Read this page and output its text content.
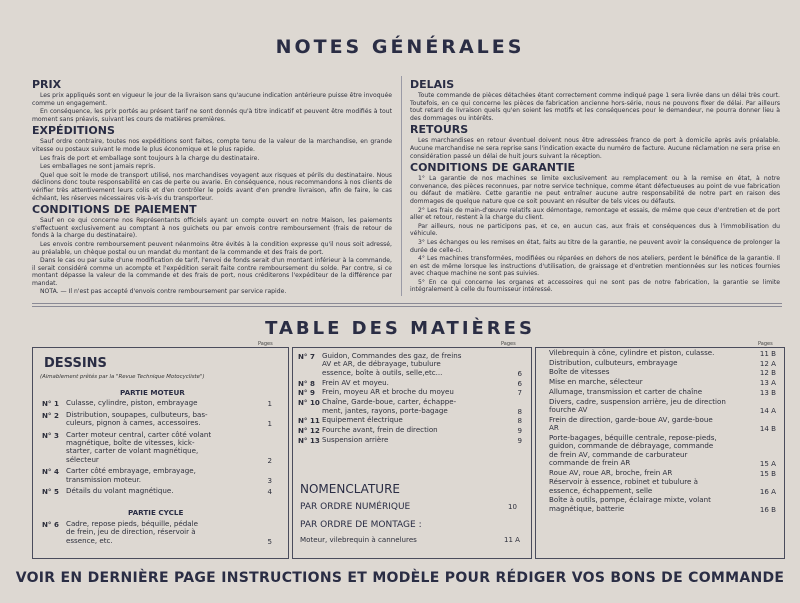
NOTES GÉNÉRALES
PRIX

Les prix appliqués sont en vigueur le jour de la livraison sans qu'aucune indication antérieure puisse être invoquée comme un engagement.

En conséquence, les prix portés au présent tarif ne sont donnés qu'à titre indicatif et peuvent être modifiés à tout moment sans préavis, suivant les cours de matières premières.

EXPÉDITIONS

Sauf ordre contraire, toutes nos expéditions sont faites, compte tenu de la valeur de la marchandise, en grande vitesse ou postaux suivant le mode le plus économique et le plus rapide.

Les frais de port et emballage sont toujours à la charge du destinataire.

Les emballages ne sont jamais repris.

Quel que soit le mode de transport utilisé, nos marchandises voyagent aux risques et périls du destinataire. Nous déclinons donc toute responsabilité en cas de perte ou avarie. En conséquence, nous recommandons à nos clients de vérifier très attentivement leurs colis et d'en contrôler le poids avant d'en prendre livraison, afin de faire, le cas échéant, les réserves nécessaires vis-à-vis du transporteur.

CONDITIONS DE PAIEMENT

Sauf en ce qui concerne nos Représentants officiels ayant un compte ouvert en notre Maison, les paiements s'effectuent exclusivement au comptant à nos guichets ou par envois contre remboursement (frais de retour de fonds à la charge du destinataire).

Les envois contre remboursement peuvent néanmoins être évités à la condition expresse qu'il nous soit adressé, au préalable, un chèque postal ou un mandat du montant de la commande et des frais de port.

Dans le cas ou par suite d'une modification de tarif, l'envoi de fonds serait d'un montant inférieur à la commande, il serait considéré comme un acompte et l'expédition serait faite contre remboursement du solde. Par contre, si ce montant dépasse la valeur de la commande et des frais de port, nous créditerons l'expéditeur de la différence par mandat.

NOTA. — Il n'est pas accepté d'envois contre remboursement par service rapide.

DELAIS

Toute commande de pièces détachées étant correctement comme indiqué page 1 sera livrée dans un délai très court. Toutefois, en ce qui concerne les pièces de fabrication ancienne hors-série, nous ne pouvons fixer de délai. Par ailleurs tout retard de livraison quels qu'en soient les motifs et les conséquences pour le demandeur, ne pourra donner lieu à des dommages ou intérêts.

RETOURS

Les marchandises en retour éventuel doivent nous être adressées franco de port à domicile après avis préalable. Aucune marchandise ne sera reprise sans l'indication exacte du numéro de facture. Aucune réclamation ne sera prise en considération passé un délai de huit jours suivant la réception.

CONDITIONS DE GARANTIE

1° La garantie de nos machines se limite exclusivement au remplacement ou à la remise en état, à notre convenance, des pièces reconnues, par notre service technique, comme étant défectueuses au point de vue fabrication ou défaut de matière. Cette garantie ne peut entraîner aucune autre responsabilité de notre part en raison des dommages de quelque nature que ce soit pouvant en résulter de tels vices ou défauts.

2° Les frais de main-d'œuvre relatifs aux démontage, remontage et essais, de même que ceux d'entretien et de port aller et retour, restent à la charge du client.

Par ailleurs, nous ne participons pas, et ce, en aucun cas, aux frais et conséquences dus à l'immobilisation du véhicule.

3° Les échanges ou les remises en état, faits au titre de la garantie, ne peuvent avoir la conséquence de prolonger la durée de celle-ci.

4° Les machines transformées, modifiées ou réparées en dehors de nos ateliers, perdent le bénéfice de la garantie. Il en est de même lorsque les instructions d'utilisation, de graissage et d'entretien mentionnées sur les notices fournies avec chaque machine ne sont pas suivies.

5° En ce qui concerne les organes et accessoires qui ne sont pas de notre fabrication, la garantie se limite intégralement à celle du fournisseur intéressé.

TABLE DES MATIÈRES
Pages	Pages	Pages
DESSINS
(Aimablement prêtés par la "Revue Technique Motocycliste")
PARTIE MOTEUR
PARTIE CYCLE
NOMENCLATURE
PAR ORDRE NUMÉRIQUE	10
PAR ORDRE DE MONTAGE :
Moteur, vilebrequin à cannelures	11 A
VOIR EN DERNIÈRE PAGE INSTRUCTIONS ET MODÈLE POUR RÉDIGER VOS BONS DE COMMANDE
N° 1 Culasse, cylindre, piston, embrayage	1
N° 2 Distribution, soupapes, culbuteurs, bas-
culeurs, pignon à cames, accessoires.	1
N° 3 Carter moteur central, carter côté volant
magnétique, boîte de vitesses, kick-
starter, carter de volant magnétique,
sélecteur	2
N° 4 Carter côté embrayage, embrayage,
transmission moteur.	3
N° 5 Détails du volant magnétique.	4
N° 6 Cadre, repose pieds, béquille, pédale
de frein, jeu de direction, réservoir à
essence, etc.	5
N° 7 Guidon, Commandes des gaz, de freins
AV et AR, de débrayage, tubulure
essence, boîte à outils, selle,etc...	6
N° 8 Frein AV et moyeu.	6
N° 9 Frein, moyeu AR et broche du moyeu	7
N° 10 Chaîne, Garde-boue, carter, échappe-
ment, jantes, rayons, porte-bagage	8
N° 11 Equipement électrique	8
N° 12 Fourche avant, frein de direction	9
N° 13 Suspension arrière	9
Vilebrequin à cône, cylindre et piston, culasse.	11 B
Distribution, culbuteurs, embrayage	12 A
Boîte de vitesses	12 B
Mise en marche, sélecteur	13 A
Allumage, transmission et carter de chaîne	13 B
Divers, cadre, suspension arrière, jeu de direction
fourche AV	14 A
Frein de direction, garde-boue AV, garde-boue
AR	14 B
Porte-bagages, béquille centrale, repose-pieds,
guidon, commande de débrayage, commande
de frein AV, commande de carburateur
commande de frein AR	15 A
Roue AV, roue AR, broche, frein AR	15 B
Réservoir à essence, robinet et tubulure à
essence, échappement, selle	16 A
Boîte à outils, pompe, éclairage mixte, volant
magnétique, batterie	16 B
